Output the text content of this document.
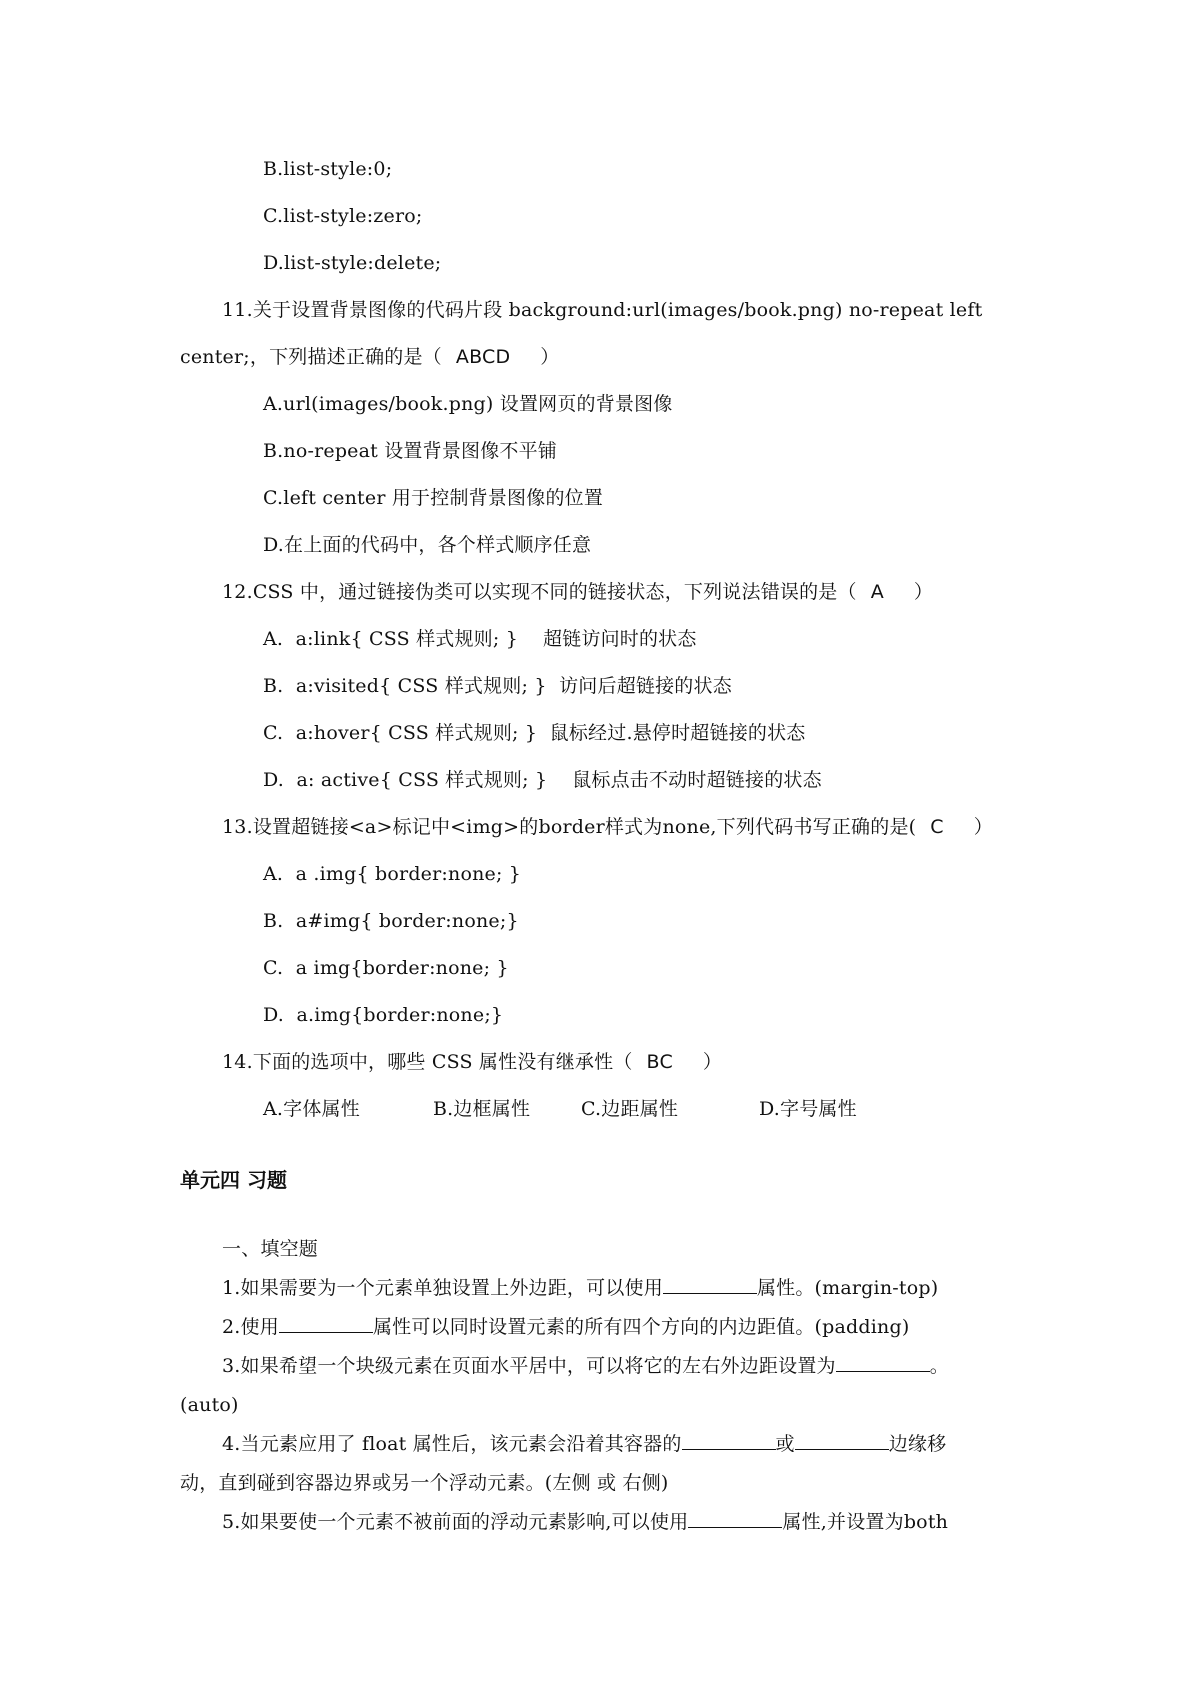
B.list-style:0;
C.list-style:zero;
D.list-style:delete;
11.关于设置背景图像的代码片段 background:url(images/book.png) no-repeat left
center;，下列描述正确的是（ ABCD ）
A.url(images/book.png) 设置网页的背景图像
B.no-repeat 设置背景图像不平铺
C.left center 用于控制背景图像的位置
D.在上面的代码中，各个样式顺序任意
12.CSS 中，通过链接伪类可以实现不同的链接状态，下列说法错误的是（ A ）
A.  a:link{ CSS 样式规则; }    超链访问时的状态
B.  a:visited{ CSS 样式规则; }  访问后超链接的状态
C.  a:hover{ CSS 样式规则; }  鼠标经过.悬停时超链接的状态
D.  a: active{ CSS 样式规则; }    鼠标点击不动时超链接的状态
13.设置超链接<a>标记中<img>的border样式为none,下列代码书写正确的是( C ）
A.  a .img{ border:none; }
B.  a#img{ border:none;}
C.  a img{border:none; }
D.  a.img{border:none;}
14.下面的选项中，哪些 CSS 属性没有继承性（ BC ）
A.字体属性	B.边框属性	C.边距属性	D.字号属性
单元四 习题
一、填空题
1.如果需要为一个元素单独设置上外边距，可以使用	属性。(margin-top)
2.使用	属性可以同时设置元素的所有四个方向的内边距值。(padding)
3.如果希望一个块级元素在页面水平居中，可以将它的左右外边距设置为	。
(auto)
4.当元素应用了 float 属性后，该元素会沿着其容器的	或	边缘移
动，直到碰到容器边界或另一个浮动元素。(左侧 或 右侧)
5.如果要使一个元素不被前面的浮动元素影响,可以使用	属性,并设置为both
